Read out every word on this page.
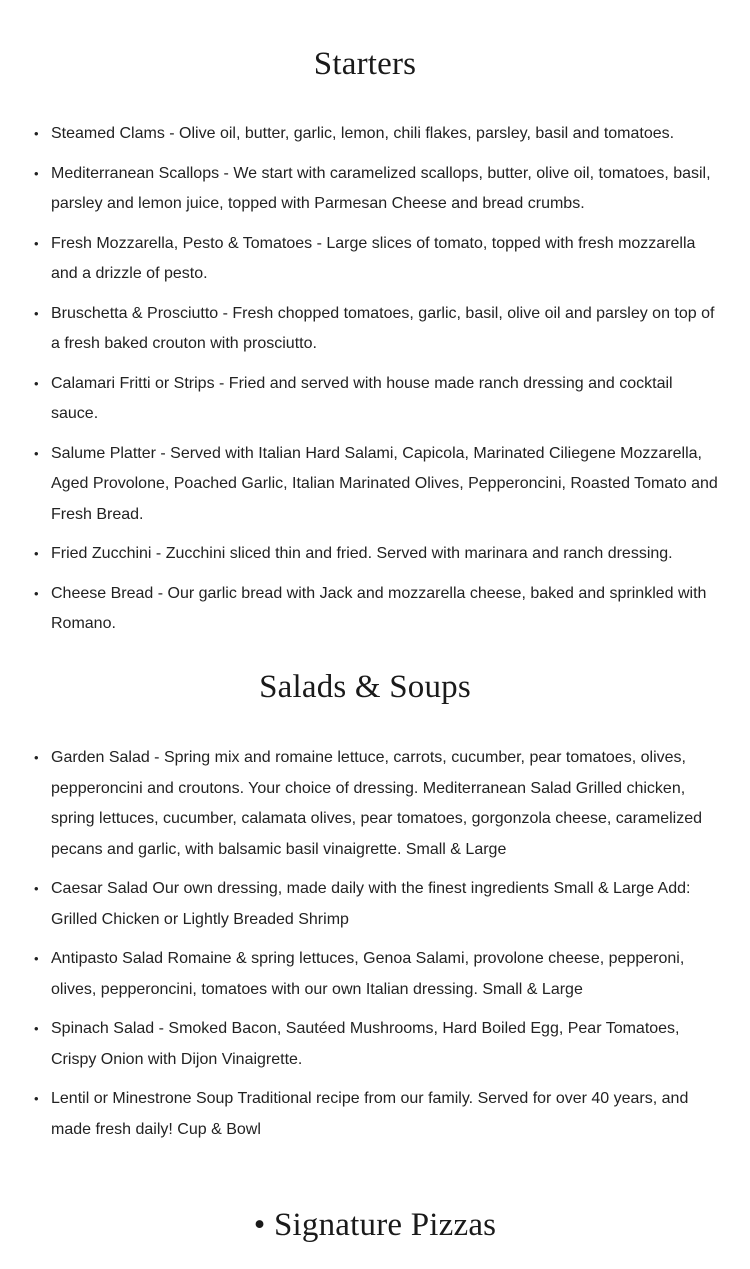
Starters
• Steamed Clams - Olive oil, butter, garlic, lemon, chili flakes, parsley, basil and tomatoes.
• Mediterranean Scallops - We start with caramelized scallops, butter, olive oil, tomatoes, basil, parsley and lemon juice, topped with Parmesan Cheese and bread crumbs.
• Fresh Mozzarella, Pesto & Tomatoes - Large slices of tomato, topped with fresh mozzarella and a drizzle of pesto.
• Bruschetta & Prosciutto - Fresh chopped tomatoes, garlic, basil, olive oil and parsley on top of a fresh baked crouton with prosciutto.
• Calamari Fritti or Strips - Fried and served with house made ranch dressing and cocktail sauce.
• Salume Platter - Served with Italian Hard Salami, Capicola, Marinated Ciliegene Mozzarella, Aged Provolone, Poached Garlic, Italian Marinated Olives, Pepperoncini, Roasted Tomato and Fresh Bread.
• Fried Zucchini - Zucchini sliced thin and fried. Served with marinara and ranch dressing.
• Cheese Bread - Our garlic bread with Jack and mozzarella cheese, baked and sprinkled with Romano.
Salads & Soups
• Garden Salad - Spring mix and romaine lettuce, carrots, cucumber, pear tomatoes, olives, pepperoncini and croutons. Your choice of dressing. Mediterranean Salad Grilled chicken, spring lettuces, cucumber, calamata olives, pear tomatoes, gorgonzola cheese, caramelized pecans and garlic, with balsamic basil vinaigrette. Small & Large
• Caesar Salad Our own dressing, made daily with the finest ingredients Small & Large Add: Grilled Chicken or Lightly Breaded Shrimp
• Antipasto Salad Romaine & spring lettuces, Genoa Salami, provolone cheese, pepperoni, olives, pepperoncini, tomatoes with our own Italian dressing. Small & Large
• Spinach Salad - Smoked Bacon, Sautéed Mushrooms, Hard Boiled Egg, Pear Tomatoes, Crispy Onion with Dijon Vinaigrette.
• Lentil or Minestrone Soup Traditional recipe from our family. Served for over 40 years, and made fresh daily! Cup & Bowl
• Signature Pizzas
